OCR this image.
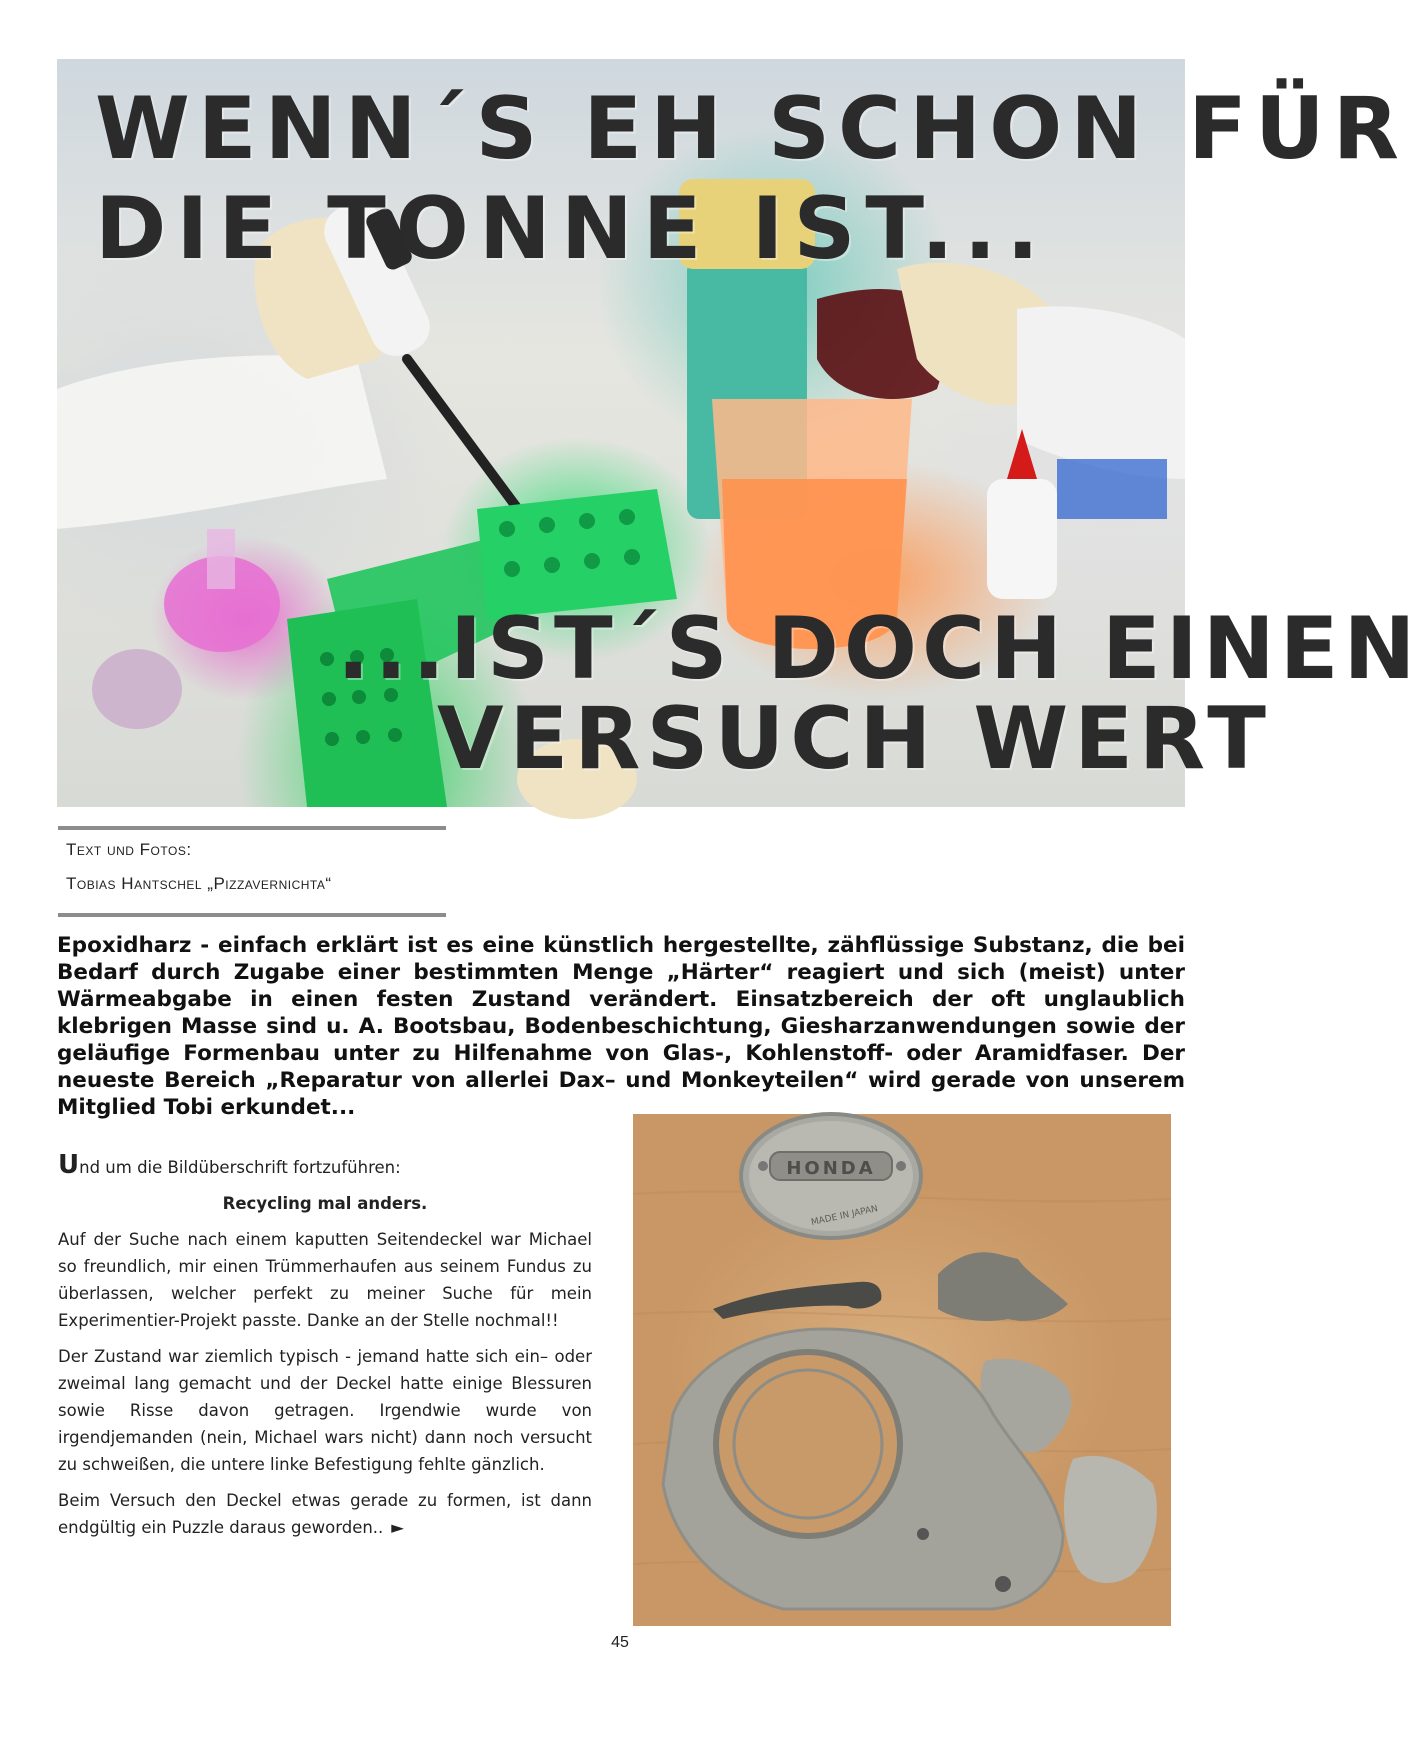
WENN´S EH SCHON FÜR
DIE TONNE IST...
...IST´S DOCH EINEN
VERSUCH WERT
Text und Fotos:
Tobias Hantschel „Pizzavernichta“
Epoxidharz - einfach erklärt ist es eine künstlich hergestellte, zähflüssige Substanz, die bei Bedarf durch Zugabe einer bestimmten Menge „Härter“ reagiert und sich (meist) unter Wärmeabgabe in einen festen Zustand verändert. Einsatzbereich der oft unglaublich klebrigen Masse sind u. A. Bootsbau, Bodenbeschichtung, Giesharzanwendungen sowie der geläufige Formenbau unter zu Hilfenahme von Glas-, Kohlenstoff- oder Aramidfaser. Der neueste Bereich „Reparatur von allerlei Dax– und Monkeyteilen“ wird gerade von unserem Mitglied Tobi erkundet...

Und um die Bildüberschrift fortzuführen:

Recycling mal anders.

Auf der Suche nach einem kaputten Seitendeckel war Michael so freundlich, mir einen Trümmerhaufen aus seinem Fundus zu überlassen, welcher perfekt zu meiner Suche für mein Experimentier-Projekt passte. Danke an der Stelle nochmal!!

Der Zustand war ziemlich typisch - jemand hatte sich ein– oder zweimal lang gemacht und der Deckel hatte einige Blessuren sowie Risse davon getragen. Irgendwie wurde von irgendjemanden (nein, Michael wars nicht) dann noch versucht zu schweißen, die untere linke Befestigung fehlte gänzlich.

Beim Versuch den Deckel etwas gerade zu formen, ist dann endgültig ein Puzzle daraus geworden.. ►

HONDA
MADE IN JAPAN
45
